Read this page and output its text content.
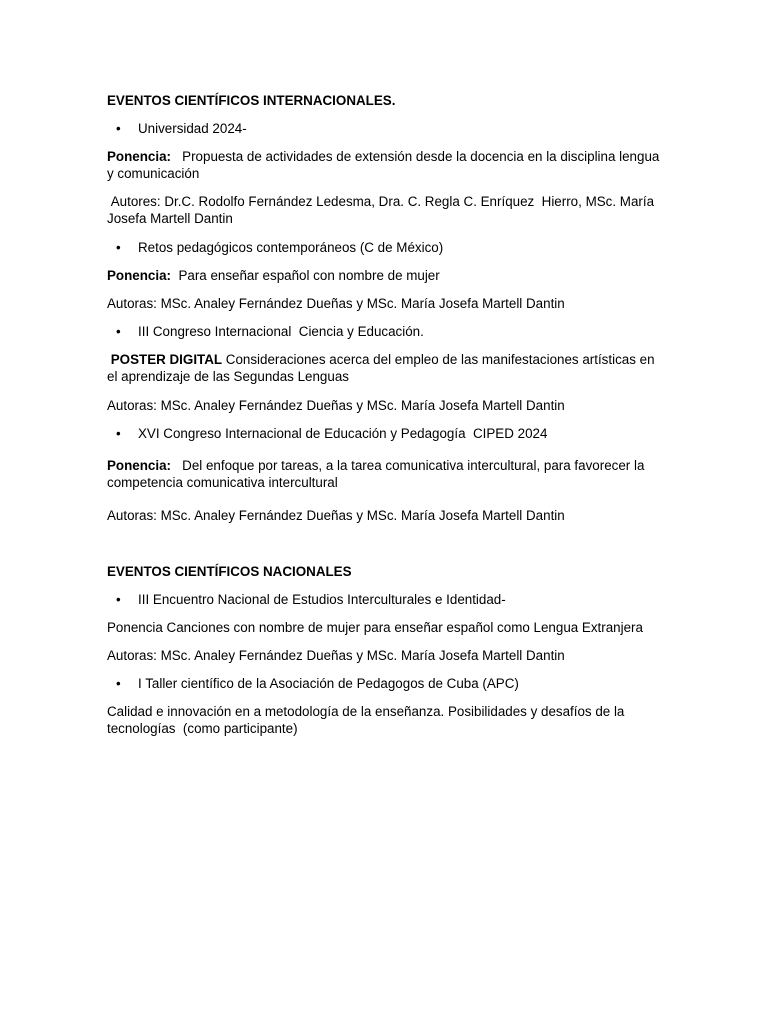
EVENTOS CIENTÍFICOS INTERNACIONALES.

•	Universidad 2024-

Ponencia:   Propuesta de actividades de extensión desde la docencia en la disciplina lengua y comunicación

Autores: Dr.C. Rodolfo Fernández Ledesma, Dra. C. Regla C. Enríquez  Hierro, MSc. María Josefa Martell Dantin

•	Retos pedagógicos contemporáneos (C de México)

Ponencia:  Para enseñar español con nombre de mujer

Autoras: MSc. Analey Fernández Dueñas y MSc. María Josefa Martell Dantin

•	III Congreso Internacional  Ciencia y Educación.

POSTER DIGITAL Consideraciones acerca del empleo de las manifestaciones artísticas en el aprendizaje de las Segundas Lenguas

Autoras: MSc. Analey Fernández Dueñas y MSc. María Josefa Martell Dantin

•	XVI Congreso Internacional de Educación y Pedagogía  CIPED 2024

Ponencia:   Del enfoque por tareas, a la tarea comunicativa intercultural, para favorecer la competencia comunicativa intercultural

Autoras: MSc. Analey Fernández Dueñas y MSc. María Josefa Martell Dantin

EVENTOS CIENTÍFICOS NACIONALES

•	III Encuentro Nacional de Estudios Interculturales e Identidad-

Ponencia Canciones con nombre de mujer para enseñar español como Lengua Extranjera

Autoras: MSc. Analey Fernández Dueñas y MSc. María Josefa Martell Dantin

•	I Taller científico de la Asociación de Pedagogos de Cuba (APC)

Calidad e innovación en a metodología de la enseñanza. Posibilidades y desafíos de la tecnologías  (como participante)
